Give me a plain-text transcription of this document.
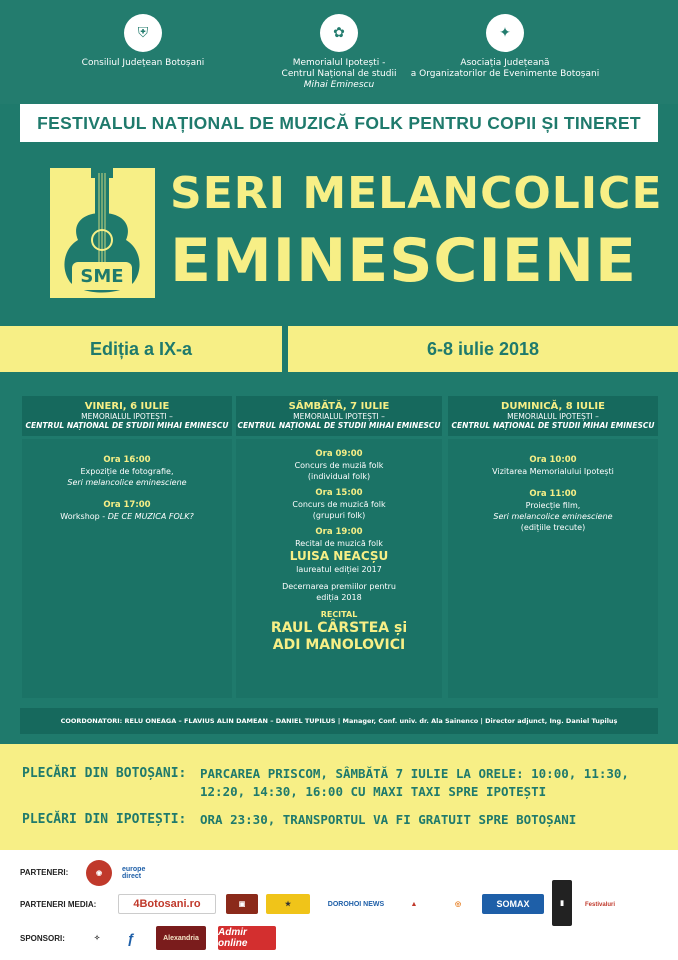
⛨
Consiliul Județean Botoșani
✿
Memorialul Ipotești -
Centrul Național de studii
Mihai Eminescu
✦
Asociația Județeană
a Organizatorilor de Evenimente Botoșani
FESTIVALUL NAȚIONAL DE MUZICĂ FOLK PENTRU COPII ȘI TINERET
SME
SERI MELANCOLICE
EMINESCIENE
Ediția a IX-a	6-8 iulie 2018
VINERI, 6 IULIE
MEMORIALUL IPOTEȘTI –
CENTRUL NAȚIONAL DE STUDII MIHAI EMINESCU
Ora 16:00
Expoziție de fotografie,
Seri melancolice eminesciene
Ora 17:00
Workshop - DE CE MUZICA FOLK?
SÂMBĂTĂ, 7 IULIE
MEMORIALUL IPOTEȘTI –
CENTRUL NAȚIONAL DE STUDII MIHAI EMINESCU
Ora 09:00
Concurs de muziă folk
(individual folk)
Ora 15:00
Concurs de muzică folk
(grupuri folk)
Ora 19:00
Recital de muzică folk
LUISA NEACȘU
laureatul ediției 2017
Decernarea premiilor pentru
ediția 2018
RECITAL
RAUL CÂRSTEA și
ADI MANOLOVICI
DUMINICĂ, 8 IULIE
MEMORIALUL IPOTEȘTI –
CENTRUL NAȚIONAL DE STUDII MIHAI EMINESCU
Ora 10:00
Vizitarea Memorialului Ipotești
Ora 11:00
Proiecție film,
Seri melancolice eminesciene
(edițiile trecute)
COORDONATORI: RELU ONEAGA – FLAVIUS ALIN DAMEAN – DANIEL TUPILUS | Manager, Conf. univ. dr. Ala Sainenco | Director adjunct, Ing. Daniel Tupiluș
PLECĂRI DIN BOTOȘANI: PARCAREA PRISCOM, SÂMBĂTĂ 7 IULIE LA ORELE: 10:00, 11:30,
12:20, 14:30, 16:00 CU MAXI TAXI SPRE IPOTEȘTI
PLECĂRI DIN IPOTEȘTI: ORA 23:30, TRANSPORTUL VA FI GRATUIT SPRE BOTOȘANI
PARTENERI:	◉
europe direct
PARTENERI MEDIA:	4Botosani.ro	▣	★	DOROHOI NEWS	▲	◎	SOMAX	▮	Festivaluri
SPONSORI:	✧	ƒ	Alexandria	Admir online
